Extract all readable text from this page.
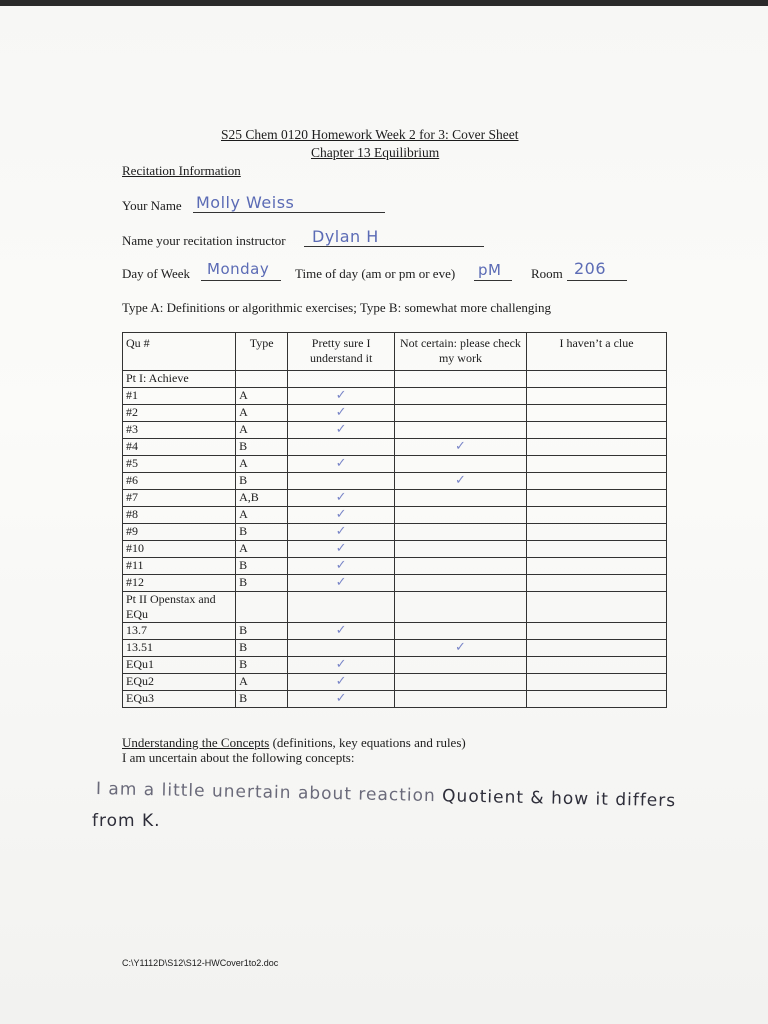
S25 Chem 0120 Homework Week 2 for 3: Cover Sheet
Chapter 13 Equilibrium
Recitation Information
Your Name Molly Weiss
Name your recitation instructor Dylan H
Day of Week Monday Time of day (am or pm or eve) pM Room 206
Type A: Definitions or algorithmic exercises; Type B: somewhat more challenging
Qu #	Type	Pretty sure I understand it	Not certain: please check my work	I haven’t a clue
Pt I: Achieve				
#1	A	✓		
#2	A	✓		
#3	A	✓		
#4	B		✓	
#5	A	✓		
#6	B		✓	
#7	A,B	✓		
#8	A	✓		
#9	B	✓		
#10	A	✓		
#11	B	✓		
#12	B	✓		
Pt II Openstax and EQu				
13.7	B	✓		
13.51	B		✓	
EQu1	B	✓		
EQu2	A	✓		
EQu3	B	✓		
Understanding the Concepts (definitions, key equations and rules)
I am uncertain about the following concepts:
I am a little unertain about reaction Quotient & how it differs
from K.
C:\Y1112D\S12\S12-HWCover1to2.doc
